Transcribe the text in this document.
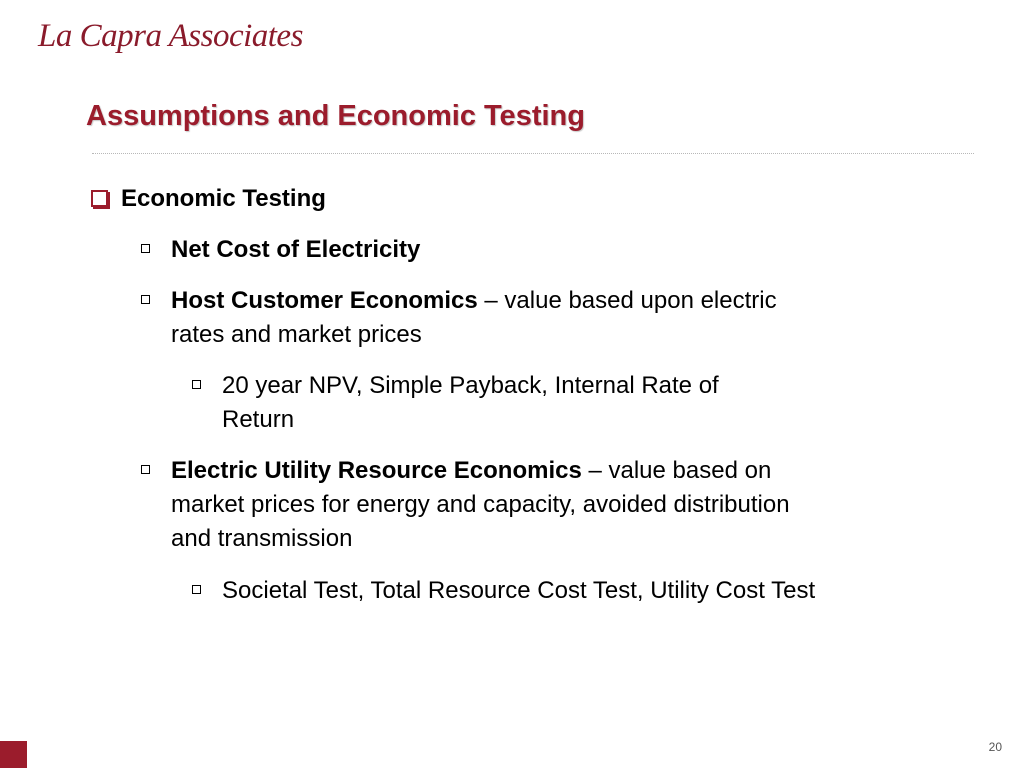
La Capra Associates
Assumptions and Economic Testing
Economic Testing
Net Cost of Electricity
Host Customer Economics – value based upon electric rates and market prices
20 year NPV, Simple Payback, Internal Rate of Return
Electric Utility Resource Economics – value based on market prices for energy and capacity, avoided distribution and transmission
Societal Test, Total Resource Cost Test, Utility Cost Test
20
